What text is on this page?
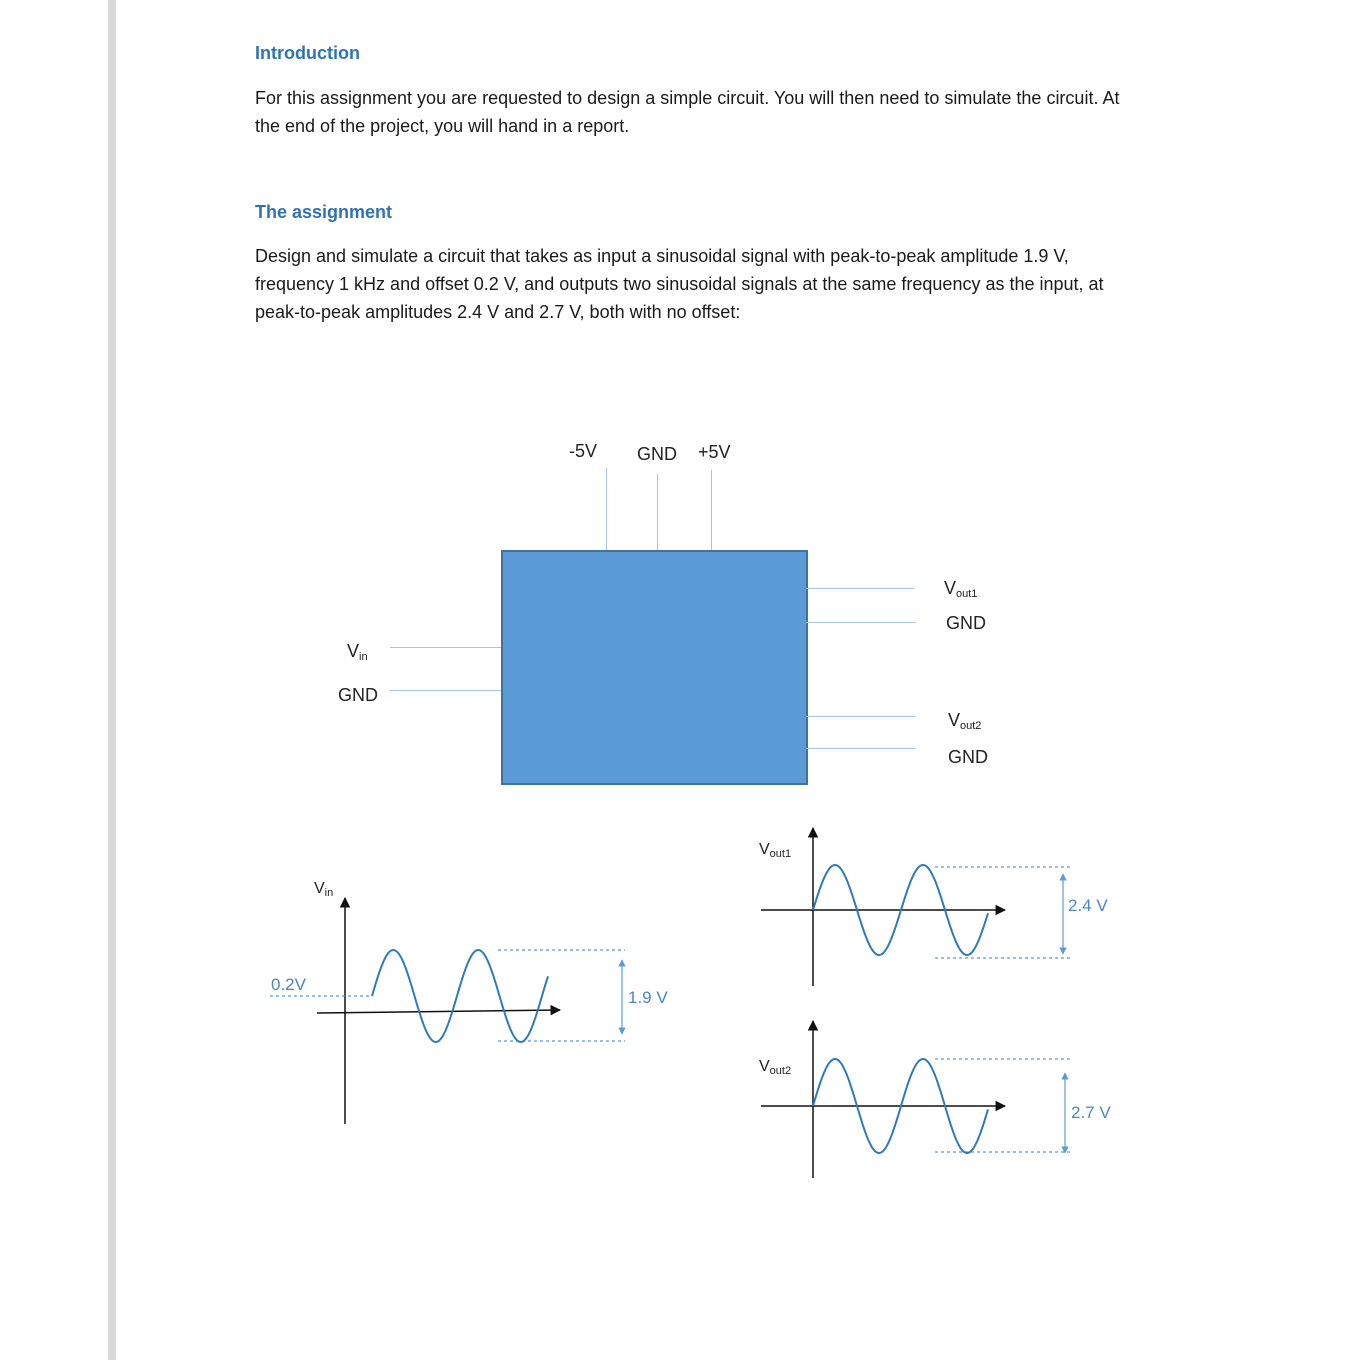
Introduction

For this assignment you are requested to design a simple circuit. You will then need to simulate the circuit. At the end of the project, you will hand in a report.

The assignment

Design and simulate a circuit that takes as input a sinusoidal signal with peak-to-peak amplitude 1.9 V, frequency 1 kHz and offset 0.2 V, and outputs two sinusoidal signals at the same frequency as the input, at peak-to-peak amplitudes 2.4 V and 2.7 V, both with no offset:

-5V GND +5V
$V_{in}$
GND
$V_{out1}$
GND
$V_{out2}$
GND
$V_{in}$
0.2V
1.9 V
$V_{out1}$
2.4 V
$V_{out2}$
2.7 V
